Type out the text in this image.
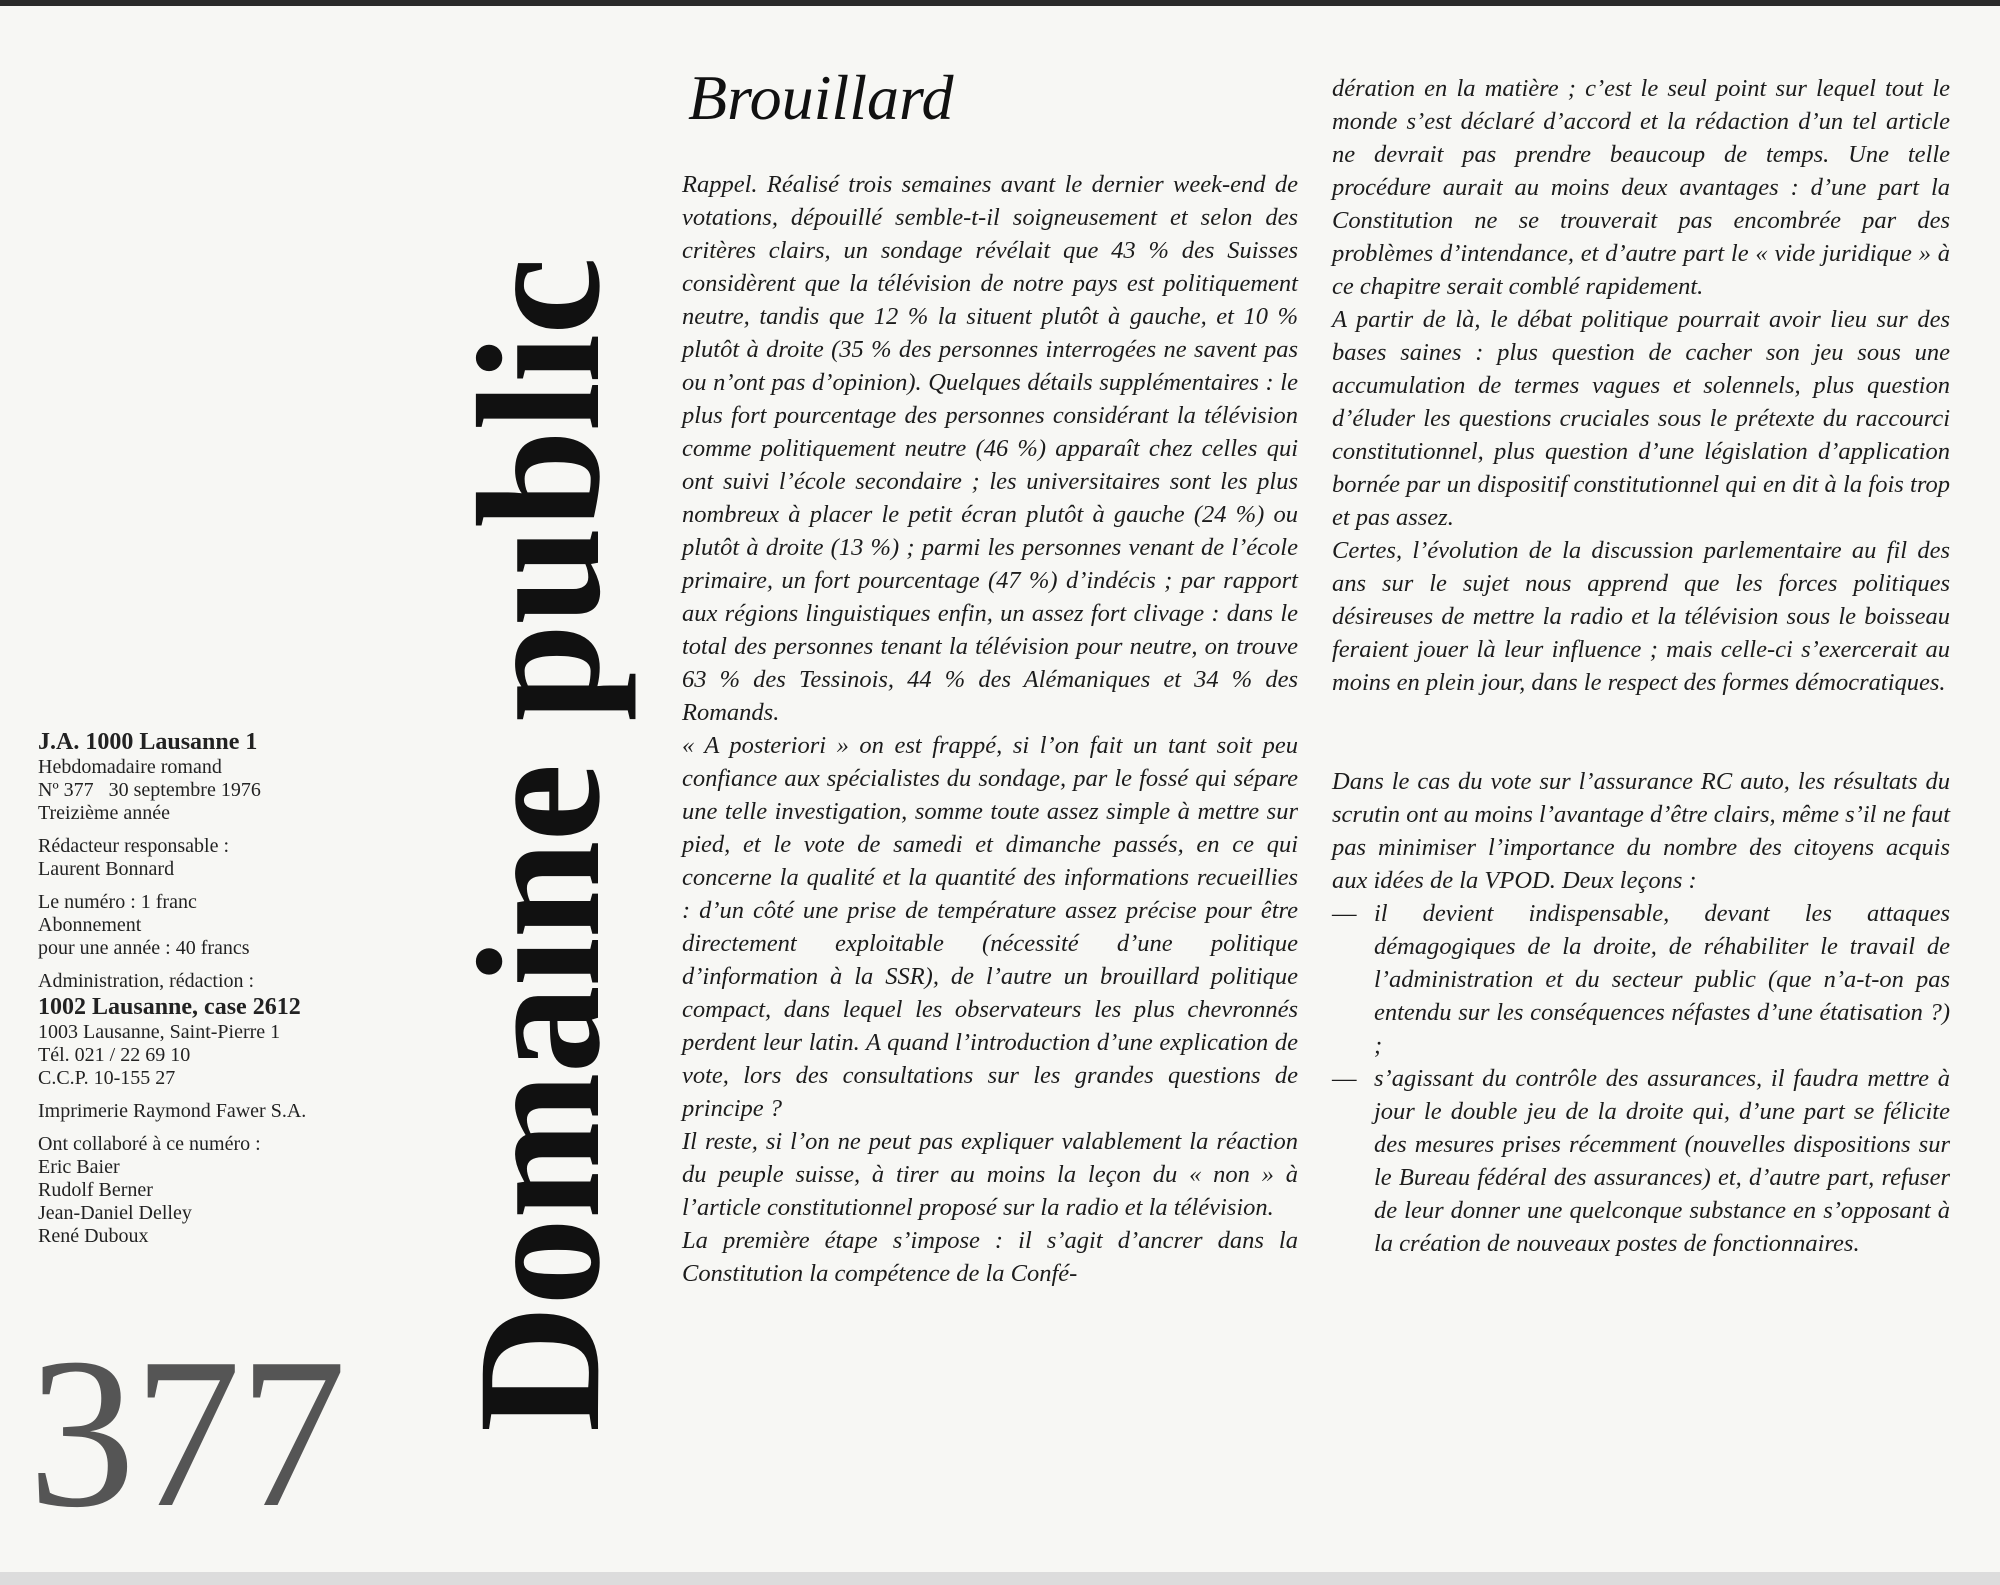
Domaine public
J.A. 1000 Lausanne 1
Hebdomadaire romand
Nº 377   30 septembre 1976
Treizième année
Rédacteur responsable :
Laurent Bonnard
Le numéro : 1 franc
Abonnement
pour une année : 40 francs
Administration, rédaction :
1002 Lausanne, case 2612
1003 Lausanne, Saint-Pierre 1
Tél. 021 / 22 69 10
C.C.P. 10-155 27
Imprimerie Raymond Fawer S.A.
Ont collaboré à ce numéro :
Eric Baier
Rudolf Berner
Jean-Daniel Delley
René Duboux
377
Brouillard

Rappel. Réalisé trois semaines avant le dernier week-end de votations, dépouillé semble-t-il soigneusement et selon des critères clairs, un sondage révélait que 43 % des Suisses considèrent que la télévision de notre pays est politiquement neutre, tandis que 12 % la situent plutôt à gauche, et 10 % plutôt à droite (35 % des personnes interrogées ne savent pas ou n’ont pas d’opinion). Quelques détails supplémentaires : le plus fort pourcentage des personnes considérant la télévision comme politiquement neutre (46 %) apparaît chez celles qui ont suivi l’école secondaire ; les universitaires sont les plus nombreux à placer le petit écran plutôt à gauche (24 %) ou plutôt à droite (13 %) ; parmi les personnes venant de l’école primaire, un fort pourcentage (47 %) d’indécis ; par rapport aux régions linguistiques enfin, un assez fort clivage : dans le total des personnes tenant la télévision pour neutre, on trouve 63 % des Tessinois, 44 % des Alémaniques et 34 % des Romands.

« A posteriori » on est frappé, si l’on fait un tant soit peu confiance aux spécialistes du sondage, par le fossé qui sépare une telle investigation, somme toute assez simple à mettre sur pied, et le vote de samedi et dimanche passés, en ce qui concerne la qualité et la quantité des informations recueillies : d’un côté une prise de température assez précise pour être directement exploitable (nécessité d’une politique d’information à la SSR), de l’autre un brouillard politique compact, dans lequel les observateurs les plus chevronnés perdent leur latin. A quand l’introduction d’une explication de vote, lors des consultations sur les grandes questions de principe ?

Il reste, si l’on ne peut pas expliquer valablement la réaction du peuple suisse, à tirer au moins la leçon du « non » à l’article constitutionnel proposé sur la radio et la télévision.

La première étape s’impose : il s’agit d’ancrer dans la Constitution la compétence de la Confé-

dération en la matière ; c’est le seul point sur lequel tout le monde s’est déclaré d’accord et la rédaction d’un tel article ne devrait pas prendre beaucoup de temps. Une telle procédure aurait au moins deux avantages : d’une part la Constitution ne se trouverait pas encombrée par des problèmes d’intendance, et d’autre part le « vide juridique » à ce chapitre serait comblé rapidement.

A partir de là, le débat politique pourrait avoir lieu sur des bases saines : plus question de cacher son jeu sous une accumulation de termes vagues et solennels, plus question d’éluder les questions cruciales sous le prétexte du raccourci constitutionnel, plus question d’une législation d’application bornée par un dispositif constitutionnel qui en dit à la fois trop et pas assez.

Certes, l’évolution de la discussion parlementaire au fil des ans sur le sujet nous apprend que les forces politiques désireuses de mettre la radio et la télévision sous le boisseau feraient jouer là leur influence ; mais celle-ci s’exercerait au moins en plein jour, dans le respect des formes démocratiques.

Dans le cas du vote sur l’assurance RC auto, les résultats du scrutin ont au moins l’avantage d’être clairs, même s’il ne faut pas minimiser l’importance du nombre des citoyens acquis aux idées de la VPOD. Deux leçons :

— il devient indispensable, devant les attaques démagogiques de la droite, de réhabiliter le travail de l’administration et du secteur public (que n’a-t-on pas entendu sur les conséquences néfastes d’une étatisation ?) ;
— s’agissant du contrôle des assurances, il faudra mettre à jour le double jeu de la droite qui, d’une part se félicite des mesures prises récemment (nouvelles dispositions sur le Bureau fédéral des assurances) et, d’autre part, refuser de leur donner une quelconque substance en s’opposant à la création de nouveaux postes de fonctionnaires.
